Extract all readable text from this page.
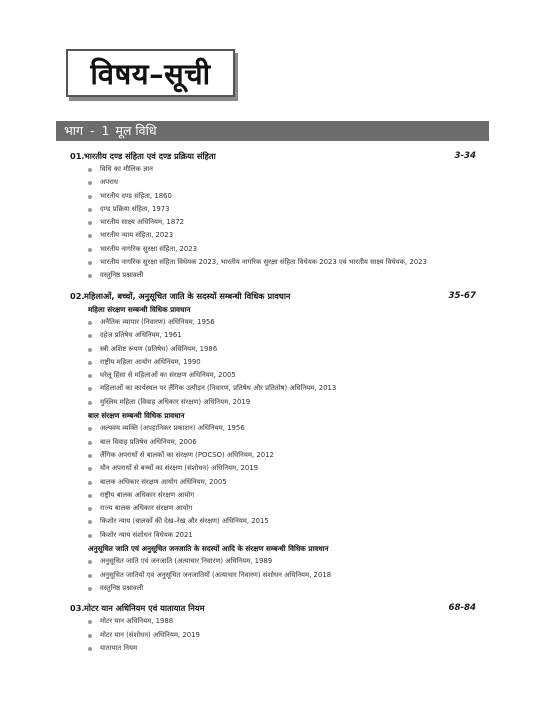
विषय–सूची
भाग - 1 मूल विधि
01.भारतीय दण्ड संहिता एवं दण्ड प्रक्रिया संहिता	3-34
विधि का मौलिक ज्ञान
अपराध
भारतीय दण्ड संहिता, 1860
दण्ड प्रक्रिया संहिता, 1973
भारतीय साक्ष्य अधिनियम, 1872
भारतीय न्याय संहिता, 2023
भारतीय नागरिक सुरक्षा संहिता, 2023
भारतीय नागरिक सुरक्षा संहिता विधेयक 2023, भारतीय नागरिक सुरक्षा संहिता विधेयक 2023 एवं भारतीय साक्ष्य विधेयक, 2023
वस्तुनिष्ठ प्रश्नावली
02.महिलाओं, बच्चों, अनुसूचित जाति के सदस्यों सम्बन्धी विधिक प्रावधान	35-67
महिला संरक्षण सम्बन्धी विधिक प्रावधान
अनैतिक व्यापार (निवारण) अधिनियम, 1956
दहेज प्रतिषेध अधिनियम, 1961
स्त्री अशिष्ट रूपण (प्रतिषेध) अधिनियम, 1986
राष्ट्रीय महिला आयोग अधिनियम, 1990
घरेलू हिंसा से महिलाओं का संरक्षण अधिनियम, 2005
महिलाओं का कार्यस्थल पर लैंगिक उत्पीड़न (निवारण, प्रतिषेध और प्रतितोष) अधिनियम, 2013
मुस्लिम महिला (विवाह अधिकार संरक्षण) अधिनियम, 2019
बाल संरक्षण सम्बन्धी विधिक प्रावधान
अल्पवय व्यक्ति (अपहानिकर प्रकाशन) अधिनियम, 1956
बाल विवाह प्रतिषेध अधिनियम, 2006
लैंगिक अपराधों से बालकों का संरक्षण (POCSO) अधिनियम, 2012
यौन अपराधों से बच्चों का संरक्षण (संशोधन) अधिनियम, 2019
बालक अधिकार संरक्षण आयोग अधिनियम, 2005
राष्ट्रीय बालक अधिकार संरक्षण आयोग
राज्य बालक अधिकार संरक्षण आयोग
किशोर न्याय (बालकों की देख–रेख और संरक्षण) अधिनियम, 2015
किशोर न्याय संशोधन विधेयक 2021
अनुसूचित जाति एवं अनुसूचित जनजाति के सदस्यों आदि के संरक्षण सम्बन्धी विधिक प्रावधान
अनुसूचित जाति एवं जनजाति (अत्याचार निवारण) अधिनियम, 1989
अनुसूचित जातियों एवं अनुसूचित जनजातियों (अत्याचार निवारण) संशोधन अधिनियम, 2018
वस्तुनिष्ठ प्रश्नावली
03.मोटर यान अधिनियम एवं यातायात नियम	68-84
मोटर यान अधिनियम, 1988
मोटर यान (संशोधन) अधिनियम, 2019
यातायात नियम
